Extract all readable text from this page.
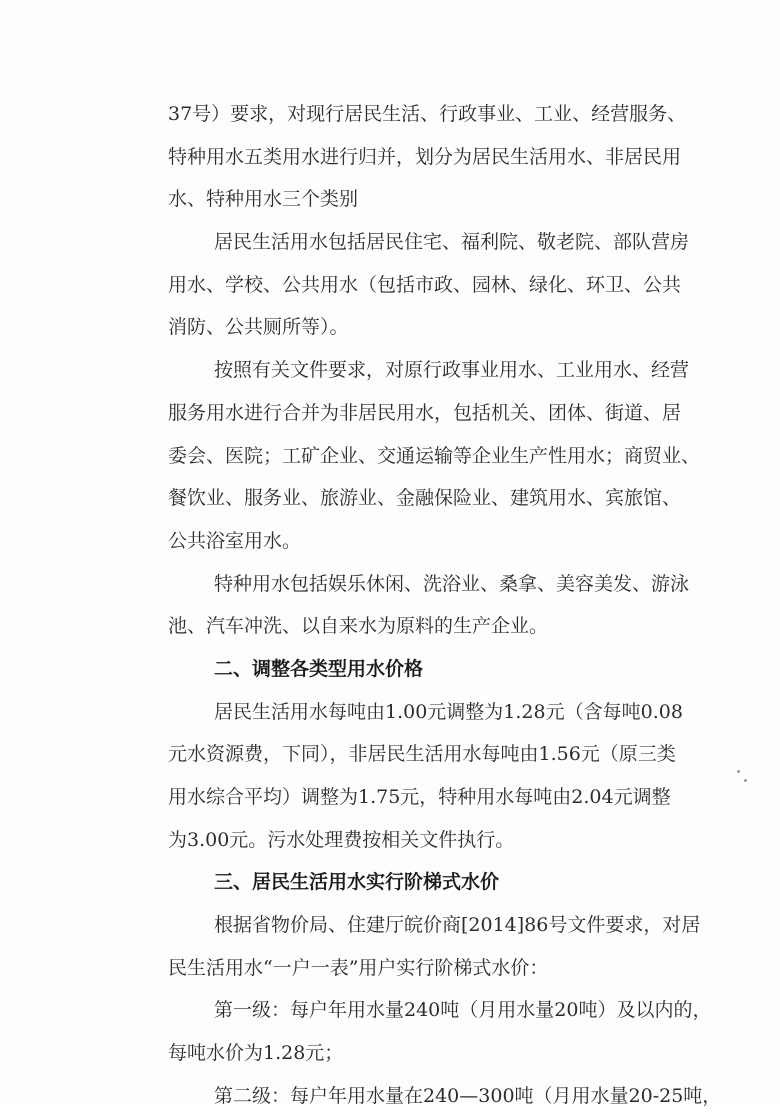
37号）要求，对现行居民生活、行政事业、工业、经营服务、
特种用水五类用水进行归并，划分为居民生活用水、非居民用
水、特种用水三个类别
居民生活用水包括居民住宅、福利院、敬老院、部队营房
用水、学校、公共用水（包括市政、园林、绿化、环卫、公共
消防、公共厕所等）。
按照有关文件要求，对原行政事业用水、工业用水、经营
服务用水进行合并为非居民用水，包括机关、团体、街道、居
委会、医院；工矿企业、交通运输等企业生产性用水；商贸业、
餐饮业、服务业、旅游业、金融保险业、建筑用水、宾旅馆、
公共浴室用水。
特种用水包括娱乐休闲、洗浴业、桑拿、美容美发、游泳
池、汽车冲洗、以自来水为原料的生产企业。
二、调整各类型用水价格
居民生活用水每吨由1.00元调整为1.28元（含每吨0.08
元水资源费，下同），非居民生活用水每吨由1.56元（原三类
用水综合平均）调整为1.75元，特种用水每吨由2.04元调整
为3.00元。污水处理费按相关文件执行。
三、居民生活用水实行阶梯式水价
根据省物价局、住建厅皖价商[2014]86号文件要求，对居
民生活用水“一户一表”用户实行阶梯式水价：
第一级：每户年用水量240吨（月用水量20吨）及以内的，
每吨水价为1.28元；
第二级：每户年用水量在240—300吨（月用水量20-25吨，
